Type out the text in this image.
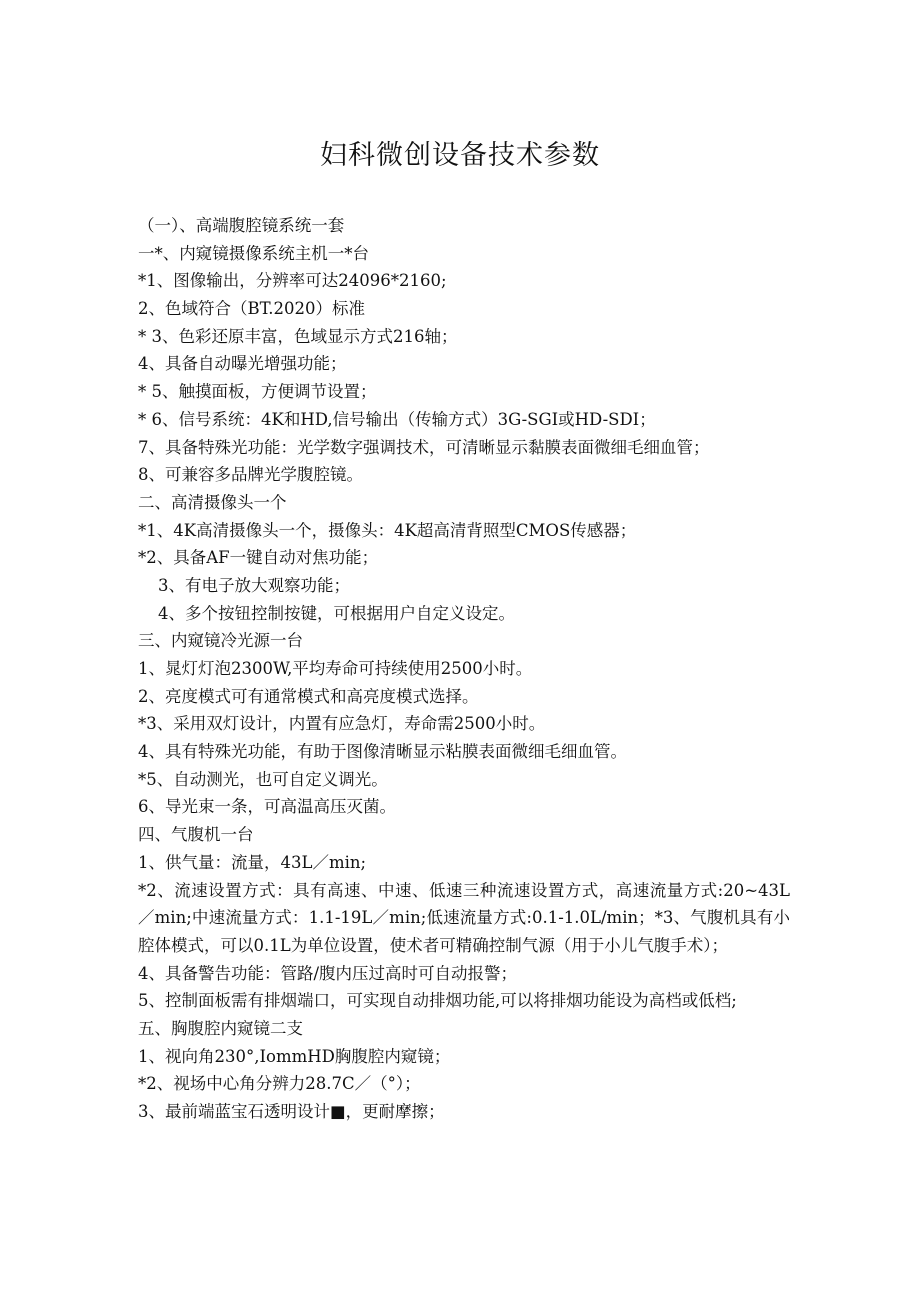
妇科微创设备技术参数
（一）、高端腹腔镜系统一套
一*、内窥镜摄像系统主机一*台
*1、图像输出，分辨率可达24096*2160;
2、色域符合（BT.2020）标准
* 3、色彩还原丰富，色域显示方式216轴；
4、具备自动曝光增强功能；
* 5、触摸面板，方便调节设置；
* 6、信号系统：4K和HD,信号输出（传输方式）3G-SGI或HD-SDI；
7、具备特殊光功能：光学数字强调技术，可清晰显示黏膜表面微细毛细血管；
8、可兼容多品牌光学腹腔镜。
二、高清摄像头一个
*1、4K高清摄像头一个，摄像头：4K超高清背照型CMOS传感器；
*2、具备AF一键自动对焦功能；
3、有电子放大观察功能；
4、多个按钮控制按键，可根据用户自定义设定。
三、内窥镜冷光源一台
1、晁灯灯泡2300W,平均寿命可持续使用2500小时。
2、亮度模式可有通常模式和高亮度模式选择。
*3、采用双灯设计，内置有应急灯，寿命需2500小时。
4、具有特殊光功能，有助于图像清晰显示粘膜表面微细毛细血管。
*5、自动测光，也可自定义调光。
6、导光束一条，可高温高压灭菌。
四、气腹机一台
1、供气量：流量，43L／min;
*2、流速设置方式：具有高速、中速、低速三种流速设置方式，高速流量方式:20~43L／min;中速流量方式：1.1-19L／min;低速流量方式:0.1-1.0L/min；*3、气腹机具有小腔体模式，可以0.1L为单位设置，使术者可精确控制气源（用于小儿气腹手术）；
4、具备警告功能：管路/腹内压过高时可自动报警；
5、控制面板需有排烟端口，可实现自动排烟功能,可以将排烟功能设为高档或低档;
五、胸腹腔内窥镜二支
1、视向角230°,IommHD胸腹腔内窥镜；
*2、视场中心角分辨力28.7C／（°）；
3、最前端蓝宝石透明设计■，更耐摩擦；
